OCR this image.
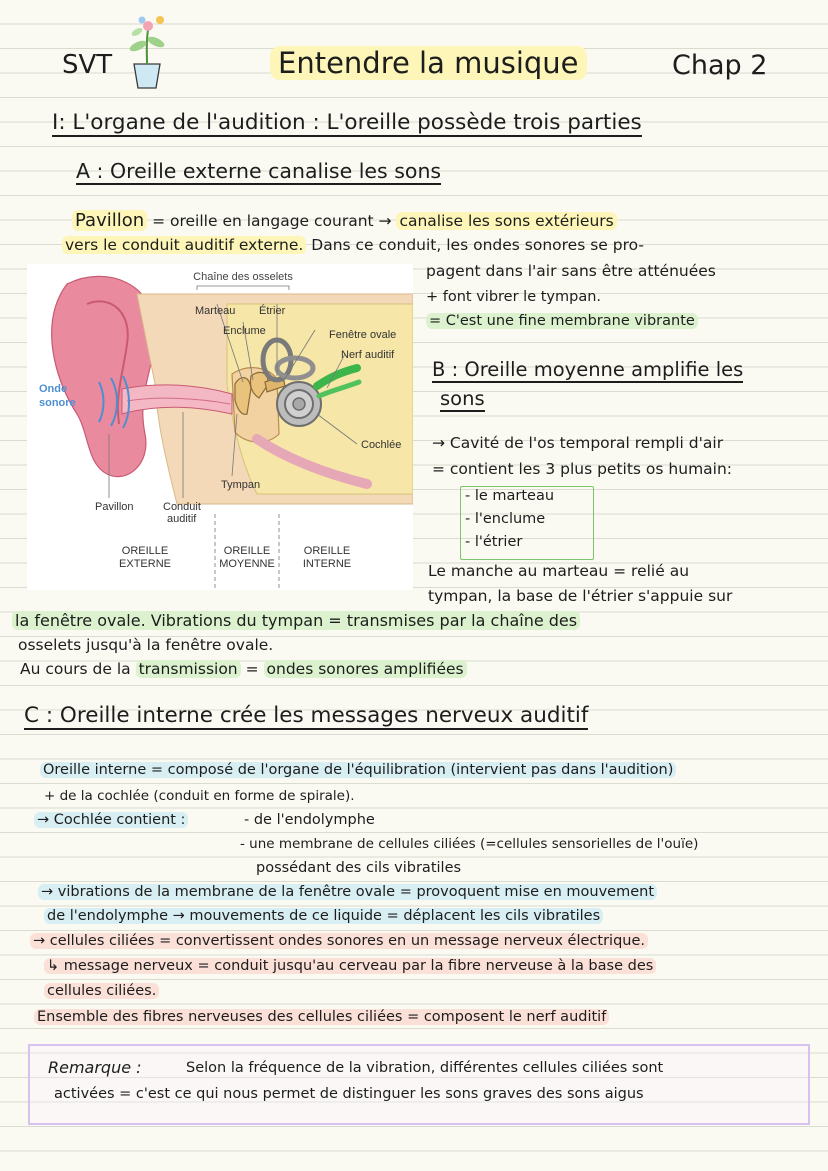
SVT	Entendre la musique	Chap 2
I: L'organe de l'audition : L'oreille possède trois parties
A : Oreille externe canalise les sons
Pavillon = oreille en langage courant → canalise les sons extérieurs
vers le conduit auditif externe. Dans ce conduit, les ondes sonores se pro-
pagent dans l'air sans être atténuées
+ font vibrer le tympan.
= C'est une fine membrane vibrante
Chaîne des osselets
Marteau Étrier
Enclume	Fenêtre ovale
Nerf auditif
Onde
sonore
Cochlée
Tympan
Pavillon	Conduit
auditif
OREILLE
EXTERNE
OREILLE
MOYENNE
OREILLE
INTERNE
B : Oreille moyenne amplifie les
sons
→ Cavité de l'os temporal rempli d'air
= contient les 3 plus petits os humain:
- le marteau
- l'enclume
- l'étrier
Le manche au marteau = relié au
tympan, la base de l'étrier s'appuie sur
la fenêtre ovale. Vibrations du tympan = transmises par la chaîne des
osselets jusqu'à la fenêtre ovale.
Au cours de la transmission = ondes sonores amplifiées
C : Oreille interne crée les messages nerveux auditif
Oreille interne = composé de l'organe de l'équilibration (intervient pas dans l'audition)
+ de la cochlée (conduit en forme de spirale).
→ Cochlée contient :	- de l'endolymphe
- une membrane de cellules ciliées (=cellules sensorielles de l'ouïe)
possédant des cils vibratiles
→ vibrations de la membrane de la fenêtre ovale = provoquent mise en mouvement
de l'endolymphe → mouvements de ce liquide = déplacent les cils vibratiles
→ cellules ciliées = convertissent ondes sonores en un message nerveux électrique.
↳ message nerveux = conduit jusqu'au cerveau par la fibre nerveuse à la base des
cellules ciliées.
Ensemble des fibres nerveuses des cellules ciliées = composent le nerf auditif
Remarque :	Selon la fréquence de la vibration, différentes cellules ciliées sont
activées = c'est ce qui nous permet de distinguer les sons graves des sons aigus
